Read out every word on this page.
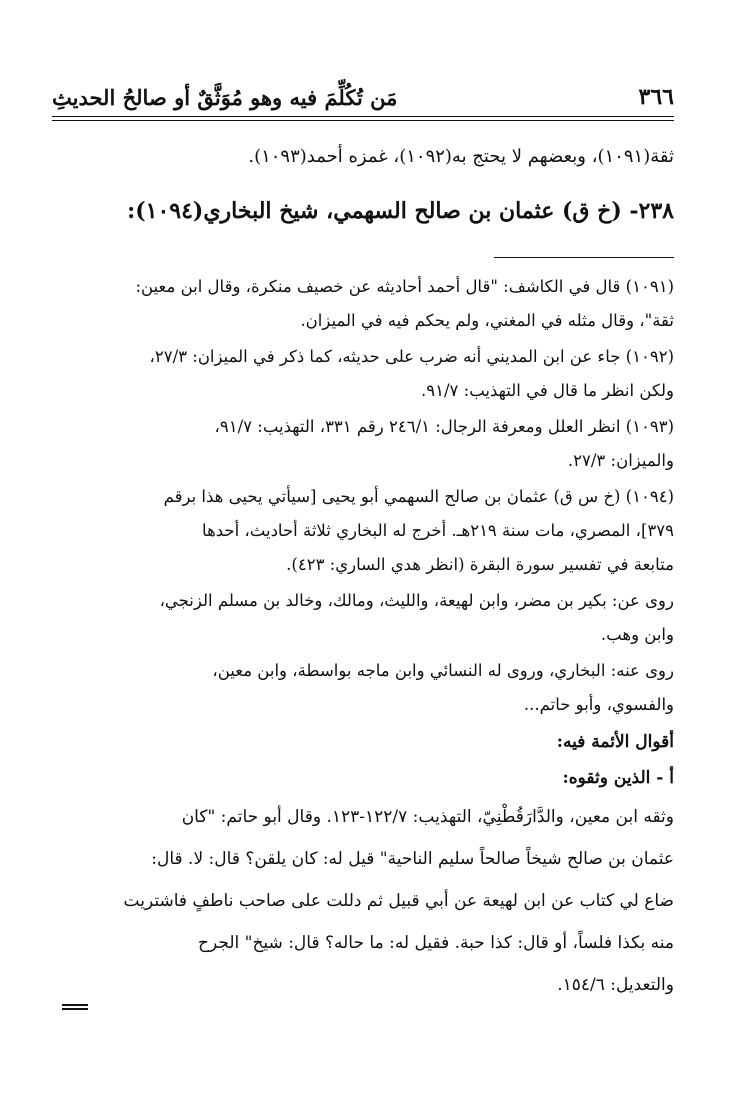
٣٦٦
مَن تُكُلِّمَ فيه وهو مُوَثَّقٌ أو صالحُ الحديثِ
ثقة(١٠٩١)، وبعضهم لا يحتج به(١٠٩٢)، غمزه أحمد(١٠٩٣).
٢٣٨- (خ ق) عثمان بن صالح السهمي، شيخ البخاري(١٠٩٤):
(١٠٩١) قال في الكاشف: "قال أحمد أحاديثه عن خصيف منكرة، وقال ابن معين:
ثقة"، وقال مثله في المغني، ولم يحكم فيه في الميزان.
(١٠٩٢) جاء عن ابن المديني أنه ضرب على حديثه، كما ذكر في الميزان: ٢٧/٣،
ولكن انظر ما قال في التهذيب: ٩١/٧.
(١٠٩٣) انظر العلل ومعرفة الرجال: ٢٤٦/١ رقم ٣٣١، التهذيب: ٩١/٧،
والميزان: ٢٧/٣.
(١٠٩٤) (خ س ق) عثمان بن صالح السهمي أبو يحيى [سيأتي يحيى هذا برقم
٣٧٩]، المصري، مات سنة ٢١٩هـ. أخرج له البخاري ثلاثة أحاديث، أحدها
متابعة في تفسير سورة البقرة (انظر هدي الساري: ٤٢٣).
روى عن: بكير بن مضر، وابن لهيعة، والليث، ومالك، وخالد بن مسلم الزنجي،
وابن وهب.
روى عنه: البخاري، وروى له النسائي وابن ماجه بواسطة، وابن معين،
والفسوي، وأبو حاتم...
أقوال الأئمة فيه:
أ - الذين وثقوه:
وثقه ابن معين، والدَّارَقُطْنِيّ، التهذيب: ١٢٢/٧-١٢٣. وقال أبو حاتم: "كان
عثمان بن صالح شيخاً صالحاً سليم الناحية" قيل له: كان يلقن؟ قال: لا. قال:
ضاع لي كتاب عن ابن لهيعة عن أبي قبيل ثم دللت على صاحب ناطفٍ فاشتريت
منه بكذا فلساً، أو قال: كذا حبة. فقيل له: ما حاله؟ قال: شيخ" الجرح
والتعديل: ١٥٤/٦.
